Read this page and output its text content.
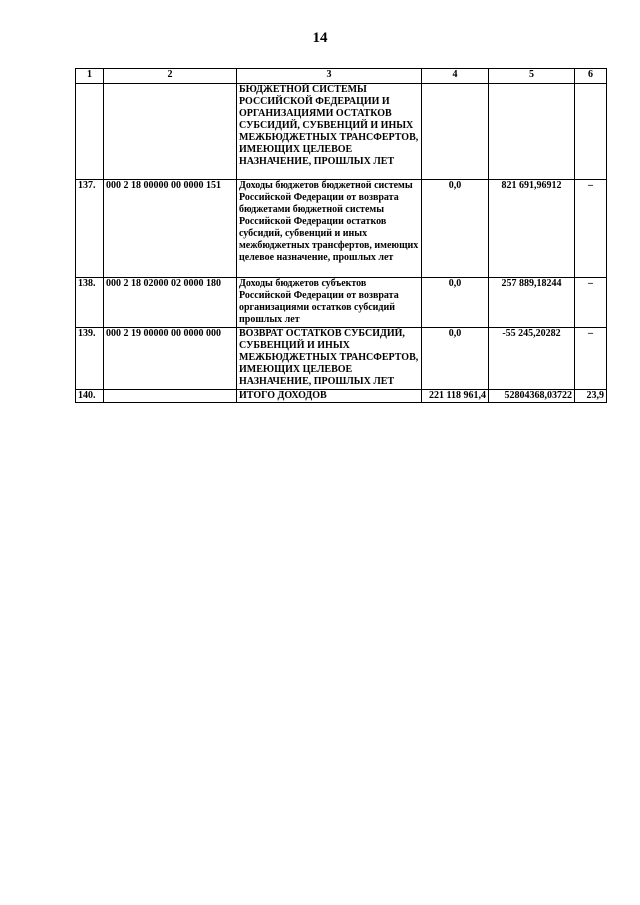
14
1	2	3	4	5	6
		БЮДЖЕТНОЙ СИСТЕМЫ РОССИЙСКОЙ ФЕДЕРАЦИИ И ОРГАНИЗАЦИЯМИ ОСТАТКОВ СУБСИДИЙ, СУБВЕНЦИЙ И ИНЫХ МЕЖБЮДЖЕТНЫХ ТРАНСФЕРТОВ, ИМЕЮЩИХ ЦЕЛЕВОЕ НАЗНАЧЕНИЕ, ПРОШЛЫХ ЛЕТ			
137.	000 2 18 00000 00 0000 151	Доходы бюджетов бюджетной системы Российской Федерации от возврата бюджетами бюджетной системы Российской Федерации остатков субсидий, субвенций и иных межбюджетных трансфертов, имеющих целевое назначение, прошлых лет	0,0	821 691,96912	–
138.	000 2 18 02000 02 0000 180	Доходы бюджетов субъектов Российской Федерации от возврата организациями остатков субсидий прошлых лет	0,0	257 889,18244	–
139.	000 2 19 00000 00 0000 000	ВОЗВРАТ ОСТАТКОВ СУБСИДИЙ, СУБВЕНЦИЙ И ИНЫХ МЕЖБЮДЖЕТНЫХ ТРАНСФЕРТОВ, ИМЕЮЩИХ ЦЕЛЕВОЕ НАЗНАЧЕНИЕ, ПРОШЛЫХ ЛЕТ	0,0	-55 245,20282	–
140.		ИТОГО ДОХОДОВ	221 118 961,4	52804368,03722	23,9
